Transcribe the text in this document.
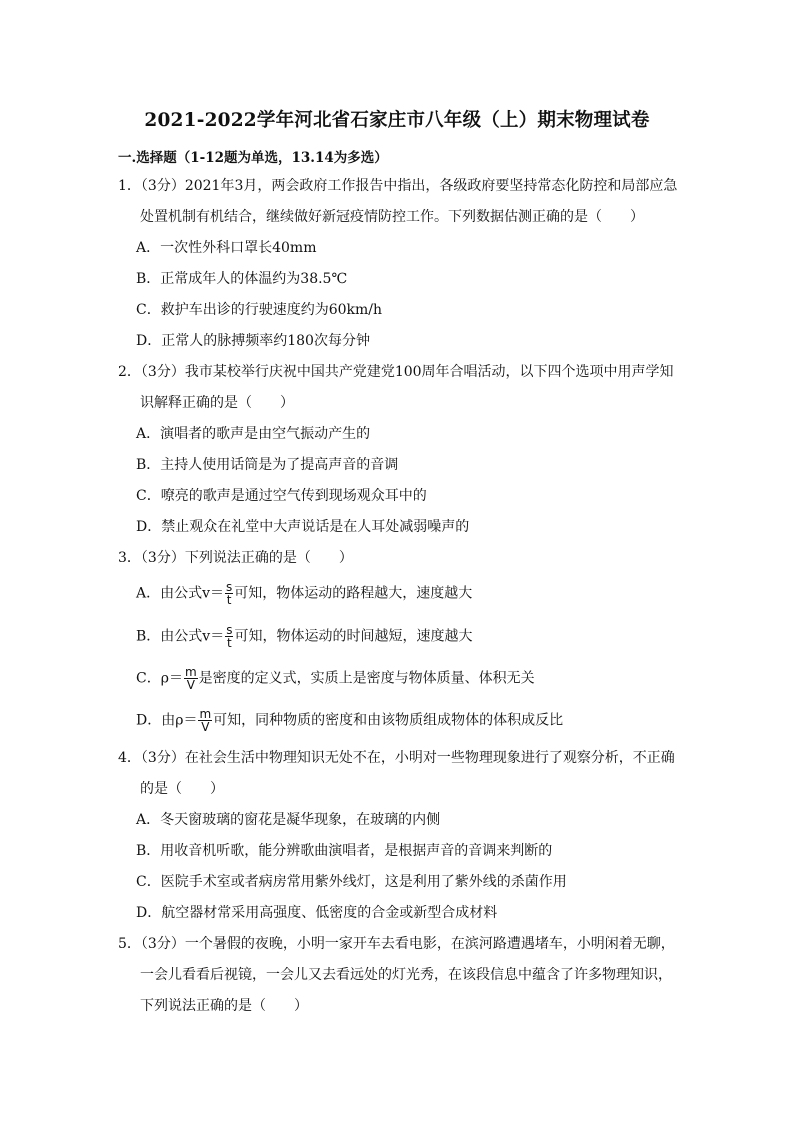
2021-2022学年河北省石家庄市八年级（上）期末物理试卷
一.选择题（1-12题为单选，13.14为多选）
1．（3分）2021年3月，两会政府工作报告中指出，各级政府要坚持常态化防控和局部应急
处置机制有机结合，继续做好新冠疫情防控工作。下列数据估测正确的是（　　）
A．一次性外科口罩长40mm
B．正常成年人的体温约为38.5℃
C．救护车出诊的行驶速度约为60km/h
D．正常人的脉搏频率约180次每分钟
2．（3分）我市某校举行庆祝中国共产党建党100周年合唱活动，以下四个选项中用声学知
识解释正确的是（　　）
A．演唱者的歌声是由空气振动产生的
B．主持人使用话筒是为了提高声音的音调
C．嘹亮的歌声是通过空气传到现场观众耳中的
D．禁止观众在礼堂中大声说话是在人耳处减弱噪声的
3．（3分）下列说法正确的是（　　）
A．由公式$v= \frac{s}{t}$ 可知，物体运动的路程越大，速度越大
B．由公式$v= \frac{s}{t}$ 可知，物体运动的时间越短，速度越大
C．$\rho= \frac{m}{V}$ 是密度的定义式，实质上是密度与物体质量、体积无关
D．由$\rho= \frac{m}{V}$ 可知，同种物质的密度和由该物质组成物体的体积成反比
4．（3分）在社会生活中物理知识无处不在，小明对一些物理现象进行了观察分析，不正确
的是（　　）
A．冬天窗玻璃的窗花是凝华现象，在玻璃的内侧
B．用收音机听歌，能分辨歌曲演唱者，是根据声音的音调来判断的
C．医院手术室或者病房常用紫外线灯，这是利用了紫外线的杀菌作用
D．航空器材常采用高强度、低密度的合金或新型合成材料
5．（3分）一个暑假的夜晚，小明一家开车去看电影，在滨河路遭遇堵车，小明闲着无聊，
一会儿看看后视镜，一会儿又去看远处的灯光秀，在该段信息中蕴含了许多物理知识，
下列说法正确的是（　　）
